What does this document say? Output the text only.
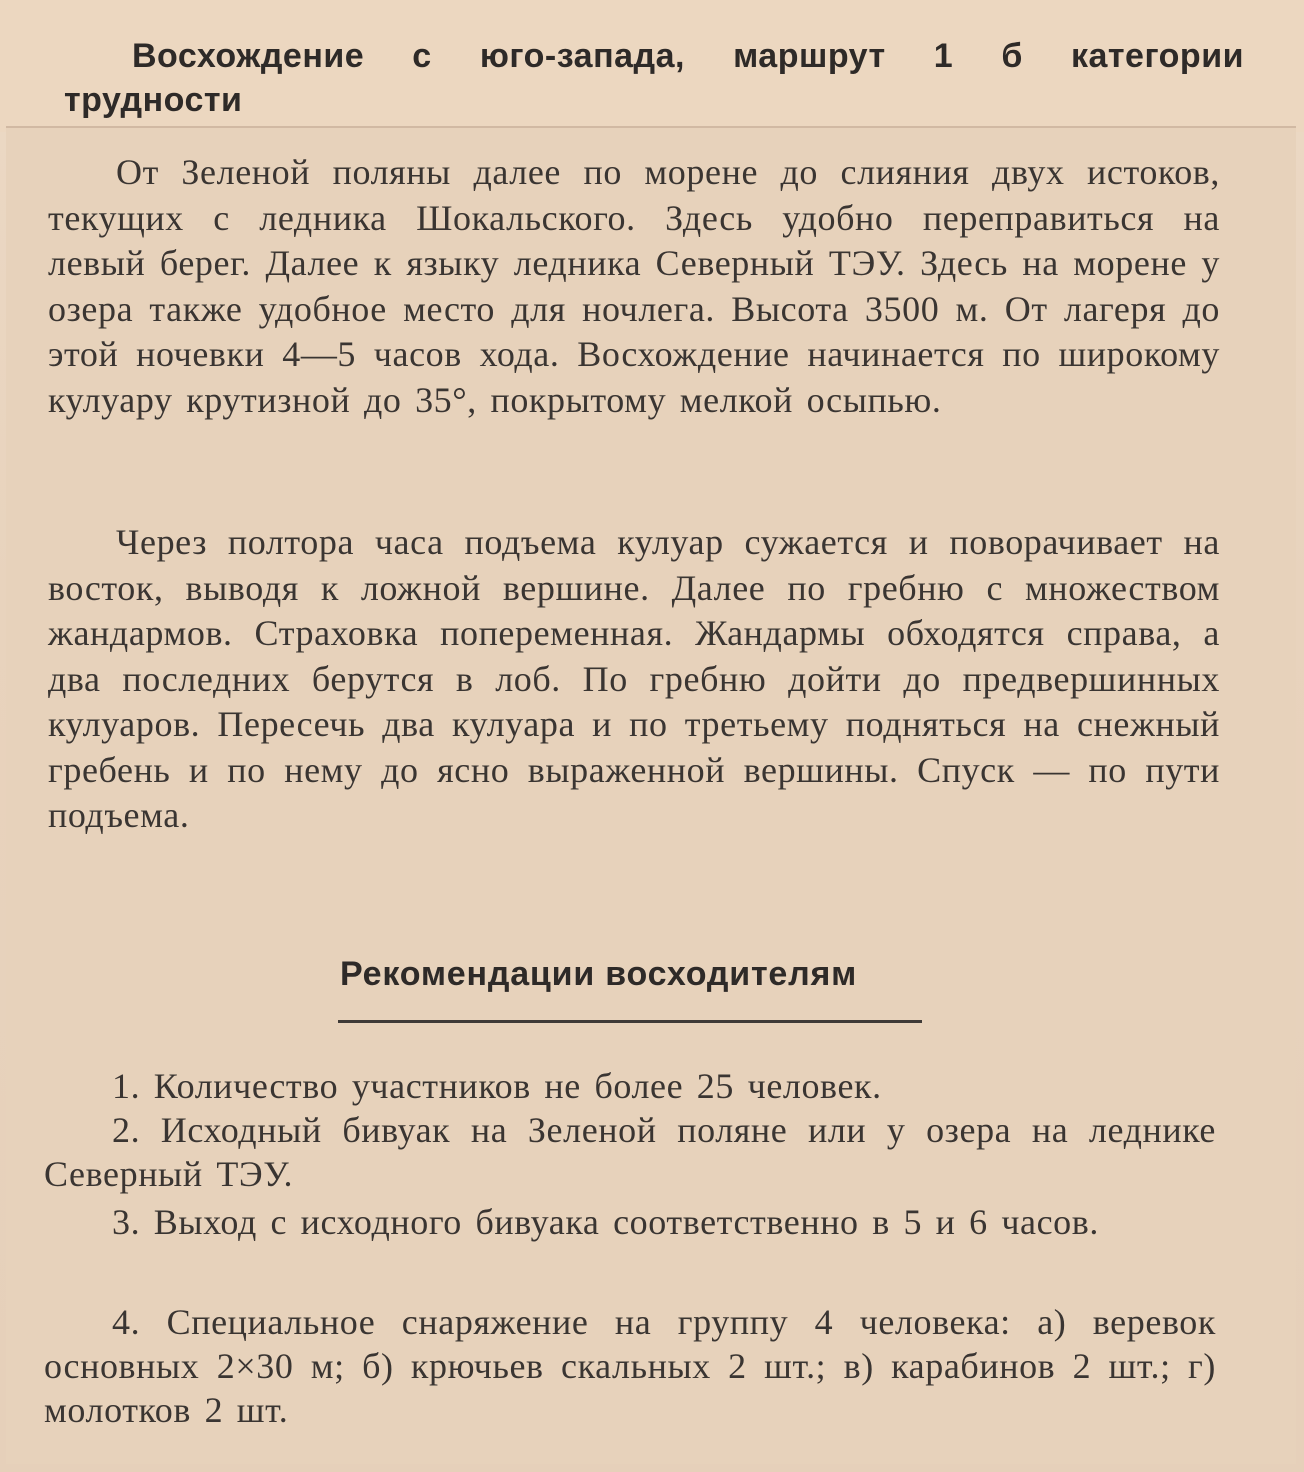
Восхождение с юго-запада, маршрут 1 б категории трудности

От Зеленой поляны далее по морене до слияния двух истоков, текущих с ледника Шокальского. Здесь удобно переправиться на левый берег. Далее к языку ледника Северный ТЭУ. Здесь на морене у озера также удобное место для ночлега. Высота 3500 м. От лагеря до этой ночевки 4—5 часов хода. Восхождение начинается по широкому кулуару крутизной до 35°, покрытому мелкой осыпью.

Через полтора часа подъема кулуар сужается и поворачивает на восток, выводя к ложной вершине. Далее по гребню с множеством жандармов. Страховка попеременная. Жандармы обходятся справа, а два последних берутся в лоб. По гребню дойти до предвершинных кулуаров. Пересечь два кулуара и по третьему подняться на снежный гребень и по нему до ясно выраженной вершины. Спуск — по пути подъема.

Рекомендации восходителям

1. Количество участников не более 25 человек.

2. Исходный бивуак на Зеленой поляне или у озера на леднике Северный ТЭУ.

3. Выход с исходного бивуака соответственно в 5 и 6 часов.

4. Специальное снаряжение на группу 4 человека: а) веревок основных 2×30 м; б) крючьев скальных 2 шт.; в) карабинов 2 шт.; г) молотков 2 шт.
